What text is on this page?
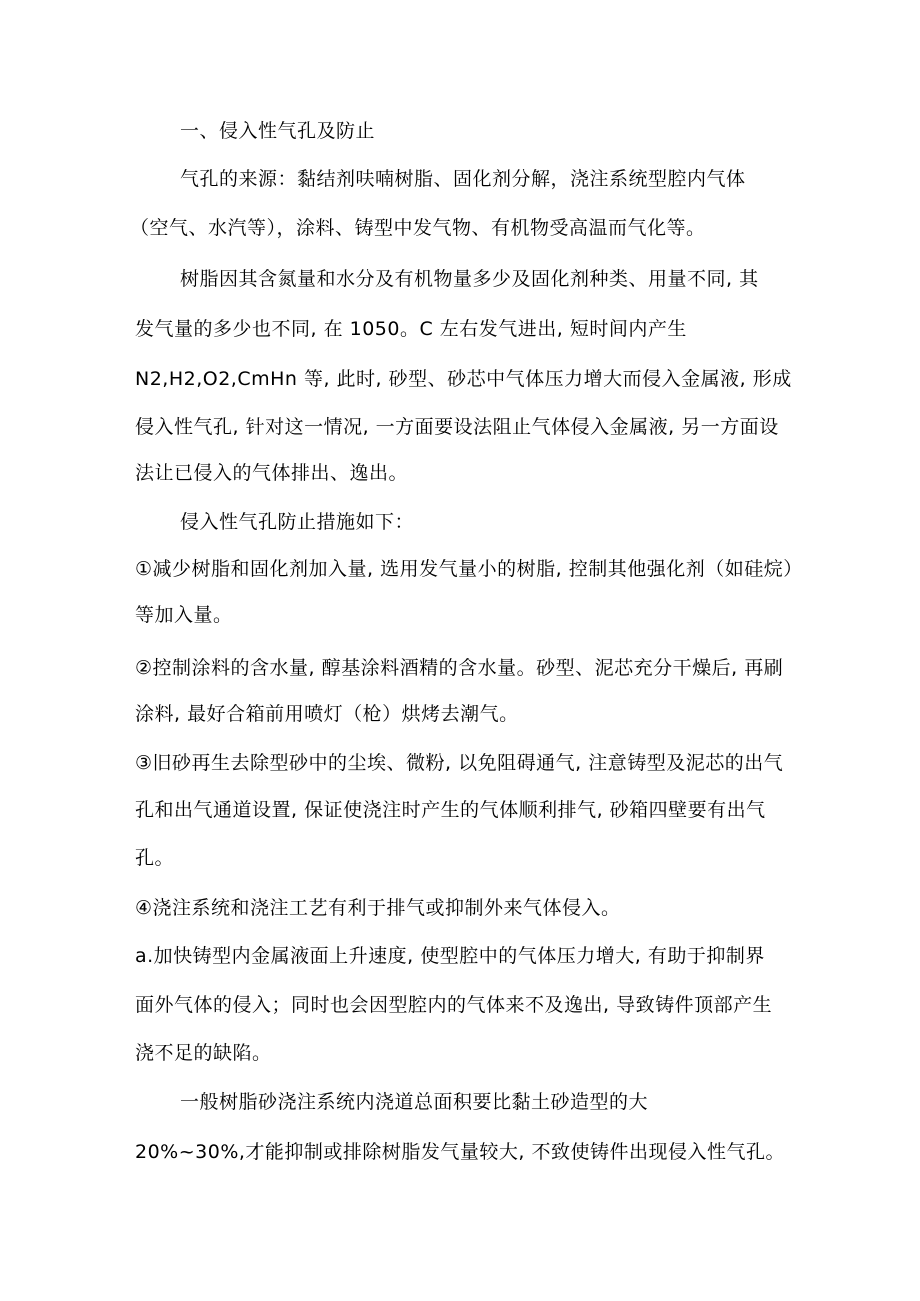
一、侵入性气孔及防止
气孔的来源：黏结剂呋喃树脂、固化剂分解，浇注系统型腔内气体
（空气、水汽等），涂料、铸型中发气物、有机物受高温而气化等。
树脂因其含氮量和水分及有机物量多少及固化剂种类、用量不同, 其
发气量的多少也不同, 在 1050。C 左右发气进出, 短时间内产生
N2,H2,O2,CmHn 等, 此时, 砂型、砂芯中气体压力增大而侵入金属液, 形成
侵入性气孔, 针对这一情况, 一方面要设法阻止气体侵入金属液, 另一方面设
法让已侵入的气体排出、逸出。
侵入性气孔防止措施如下：
①减少树脂和固化剂加入量, 选用发气量小的树脂, 控制其他强化剂（如硅烷）
等加入量。
②控制涂料的含水量, 醇基涂料酒精的含水量。砂型、泥芯充分干燥后, 再刷
涂料, 最好合箱前用喷灯（枪）烘烤去潮气。
③旧砂再生去除型砂中的尘埃、微粉, 以免阻碍通气, 注意铸型及泥芯的出气
孔和出气通道设置, 保证使浇注时产生的气体顺利排气, 砂箱四壁要有出气
孔。
④浇注系统和浇注工艺有利于排气或抑制外来气体侵入。
a.加快铸型内金属液面上升速度, 使型腔中的气体压力增大, 有助于抑制界
面外气体的侵入；同时也会因型腔内的气体来不及逸出, 导致铸件顶部产生
浇不足的缺陷。
一般树脂砂浇注系统内浇道总面积要比黏土砂造型的大
20%~30%,才能抑制或排除树脂发气量较大, 不致使铸件出现侵入性气孔。
